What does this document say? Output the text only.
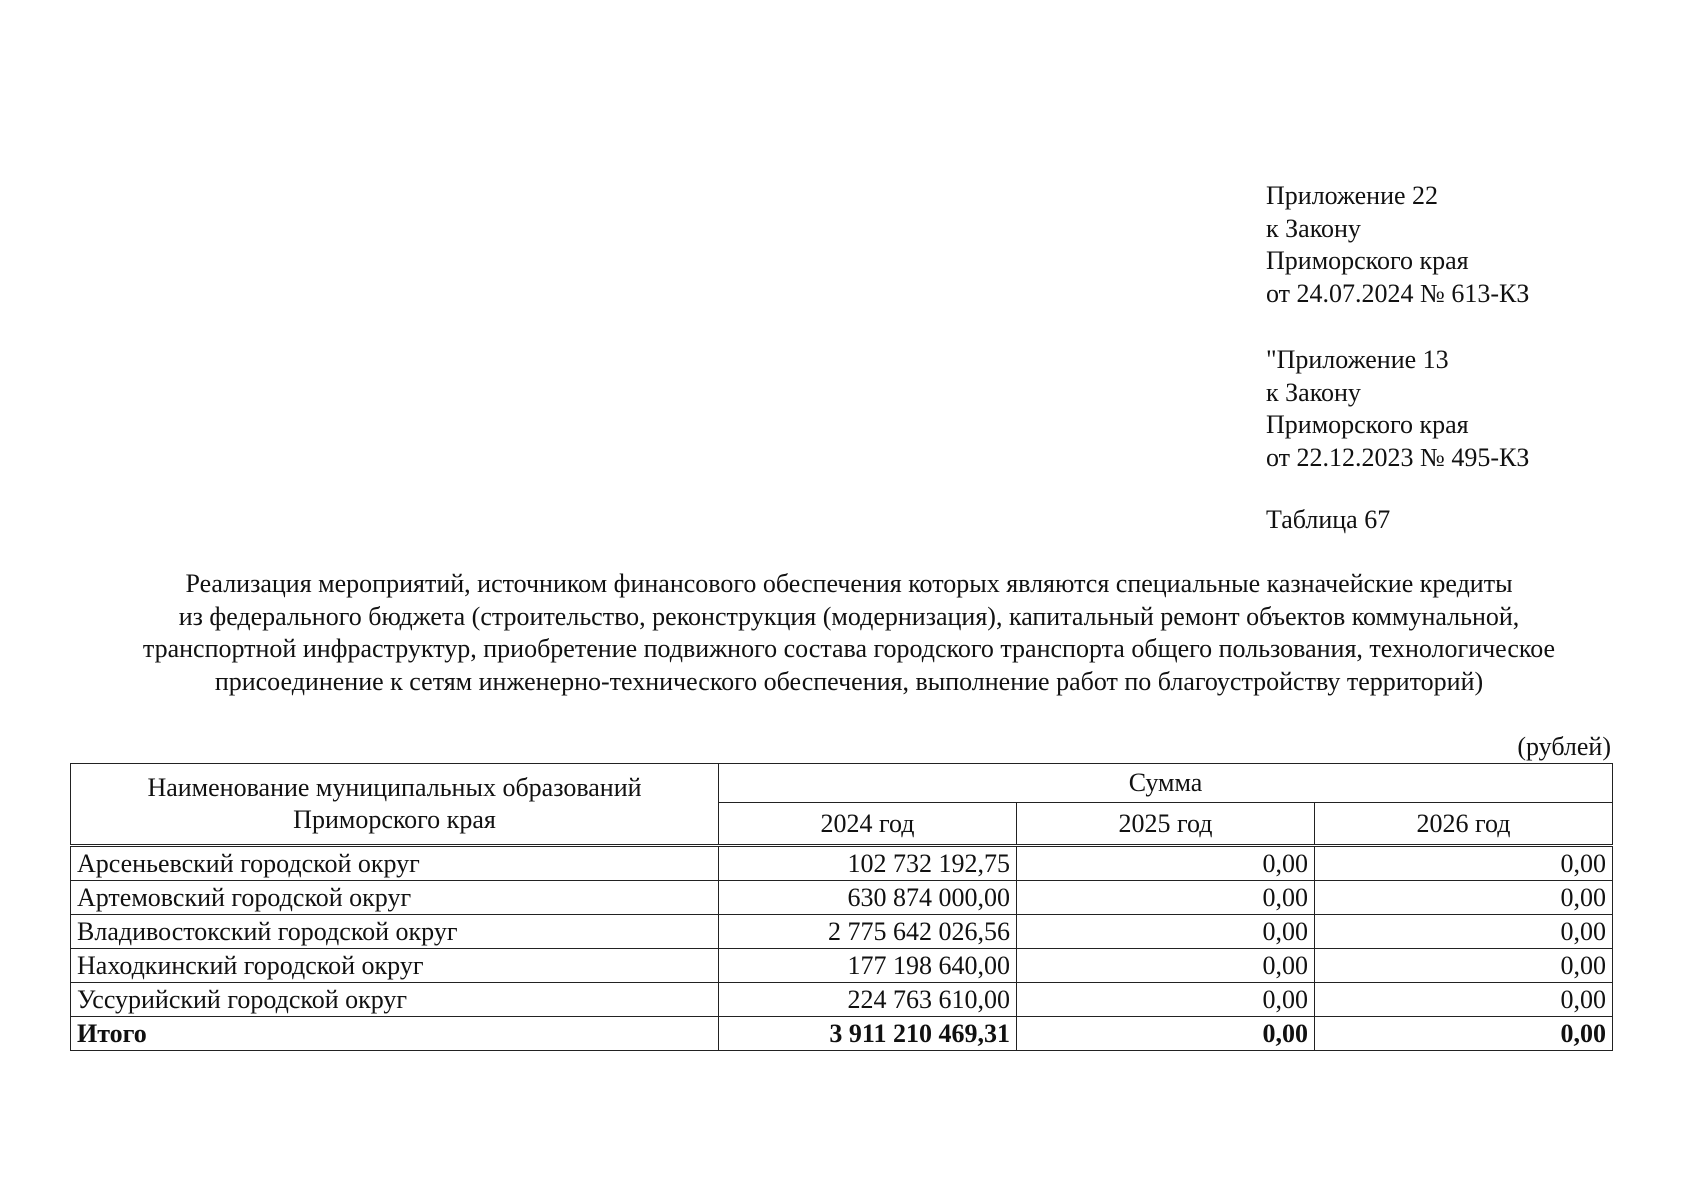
Приложение 22
к Закону
Приморского края
от 24.07.2024 № 613-КЗ
"Приложение 13
к Закону
Приморского края
от 22.12.2023 № 495-КЗ
Таблица 67
Реализация мероприятий, источником финансового обеспечения которых являются специальные казначейские кредиты
из федерального бюджета (строительство, реконструкция (модернизация), капитальный ремонт объектов коммунальной,
транспортной инфраструктур, приобретение подвижного состава городского транспорта общего пользования, технологическое
присоединение к сетям инженерно-технического обеспечения, выполнение работ по благоустройству территорий)
(рублей)
Наименование муниципальных образований
Приморского края	Сумма		
	2024 год	2025 год	2026 год
Арсеньевский городской округ	102 732 192,75	0,00	0,00
Артемовский городской округ	630 874 000,00	0,00	0,00
Владивостокский городской округ	2 775 642 026,56	0,00	0,00
Находкинский городской округ	177 198 640,00	0,00	0,00
Уссурийский городской округ	224 763 610,00	0,00	0,00
Итого	3 911 210 469,31	0,00	0,00
